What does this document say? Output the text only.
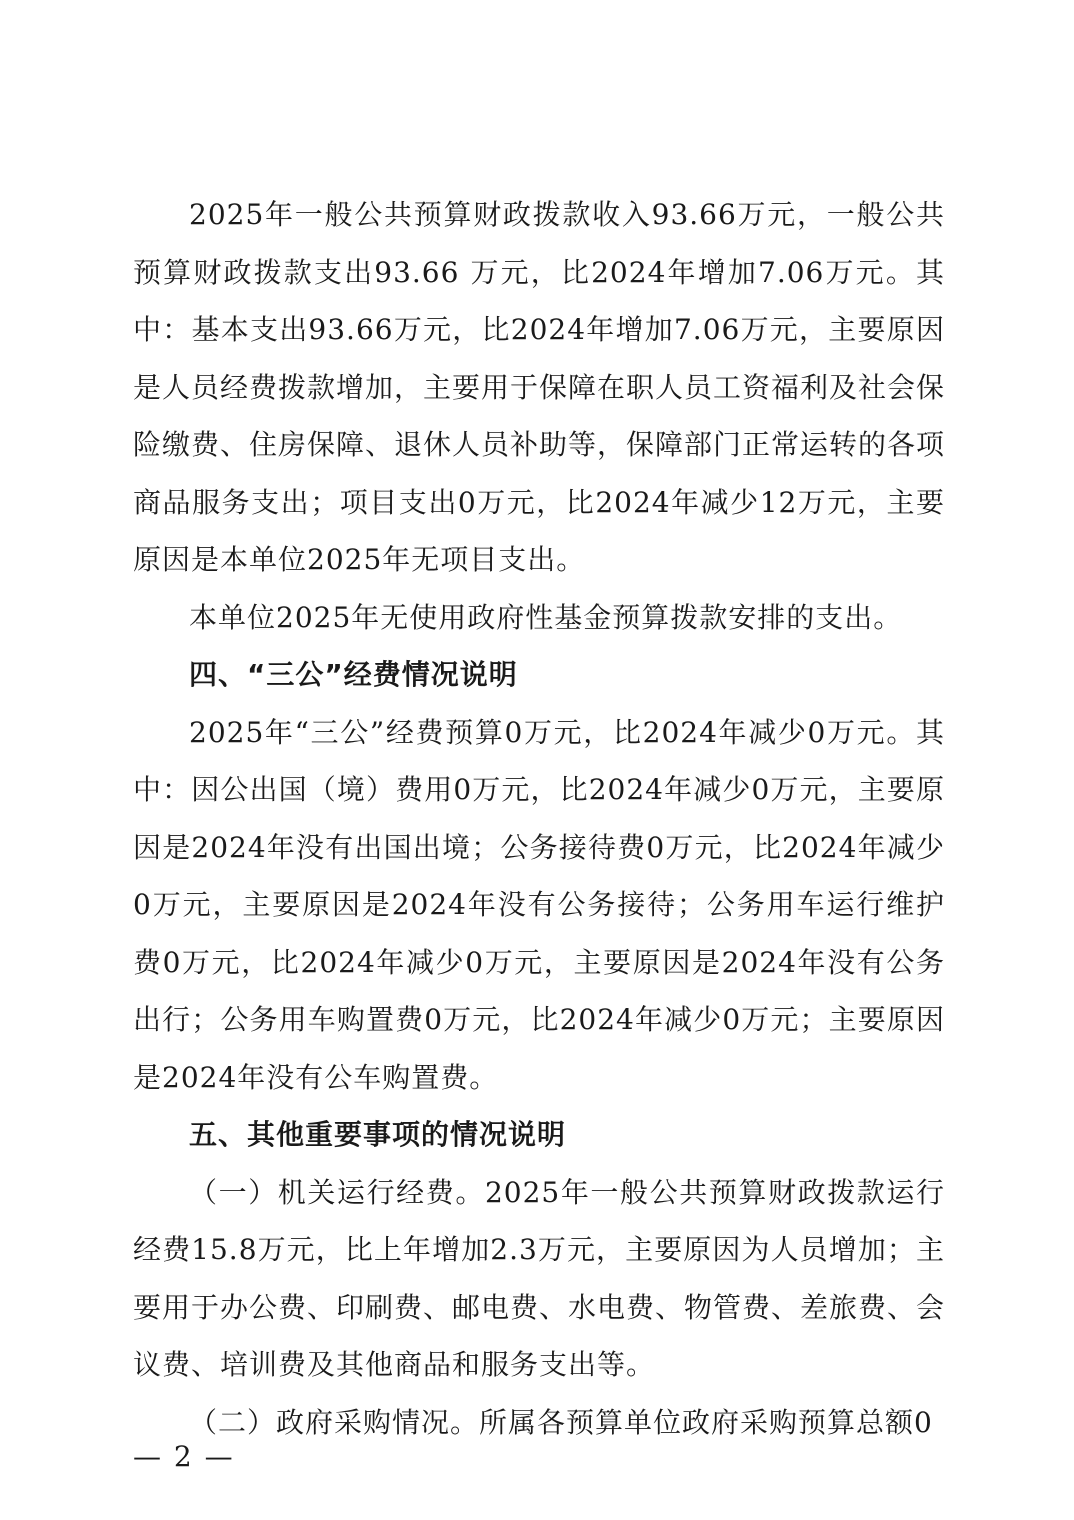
2025年一般公共预算财政拨款收入93.66万元，一般公共预算财政拨款支出93.66 万元，比2024年增加7.06万元。其中：基本支出93.66万元，比2024年增加7.06万元，主要原因是人员经费拨款增加，主要用于保障在职人员工资福利及社会保险缴费、住房保障、退休人员补助等，保障部门正常运转的各项商品服务支出；项目支出0万元，比2024年减少12万元，主要原因是本单位2025年无项目支出。

本单位2025年无使用政府性基金预算拨款安排的支出。

四、“三公”经费情况说明

2025年“三公”经费预算0万元，比2024年减少0万元。其中：因公出国（境）费用0万元，比2024年减少0万元，主要原因是2024年没有出国出境；公务接待费0万元，比2024年减少0万元，主要原因是2024年没有公务接待；公务用车运行维护费0万元，比2024年减少0万元，主要原因是2024年没有公务出行；公务用车购置费0万元，比2024年减少0万元；主要原因是2024年没有公车购置费。

五、其他重要事项的情况说明

（一）机关运行经费。2025年一般公共预算财政拨款运行经费15.8万元，比上年增加2.3万元，主要原因为人员增加；主要用于办公费、印刷费、邮电费、水电费、物管费、差旅费、会议费、培训费及其他商品和服务支出等。

（二）政府采购情况。所属各预算单位政府采购预算总额0

— 2 —
